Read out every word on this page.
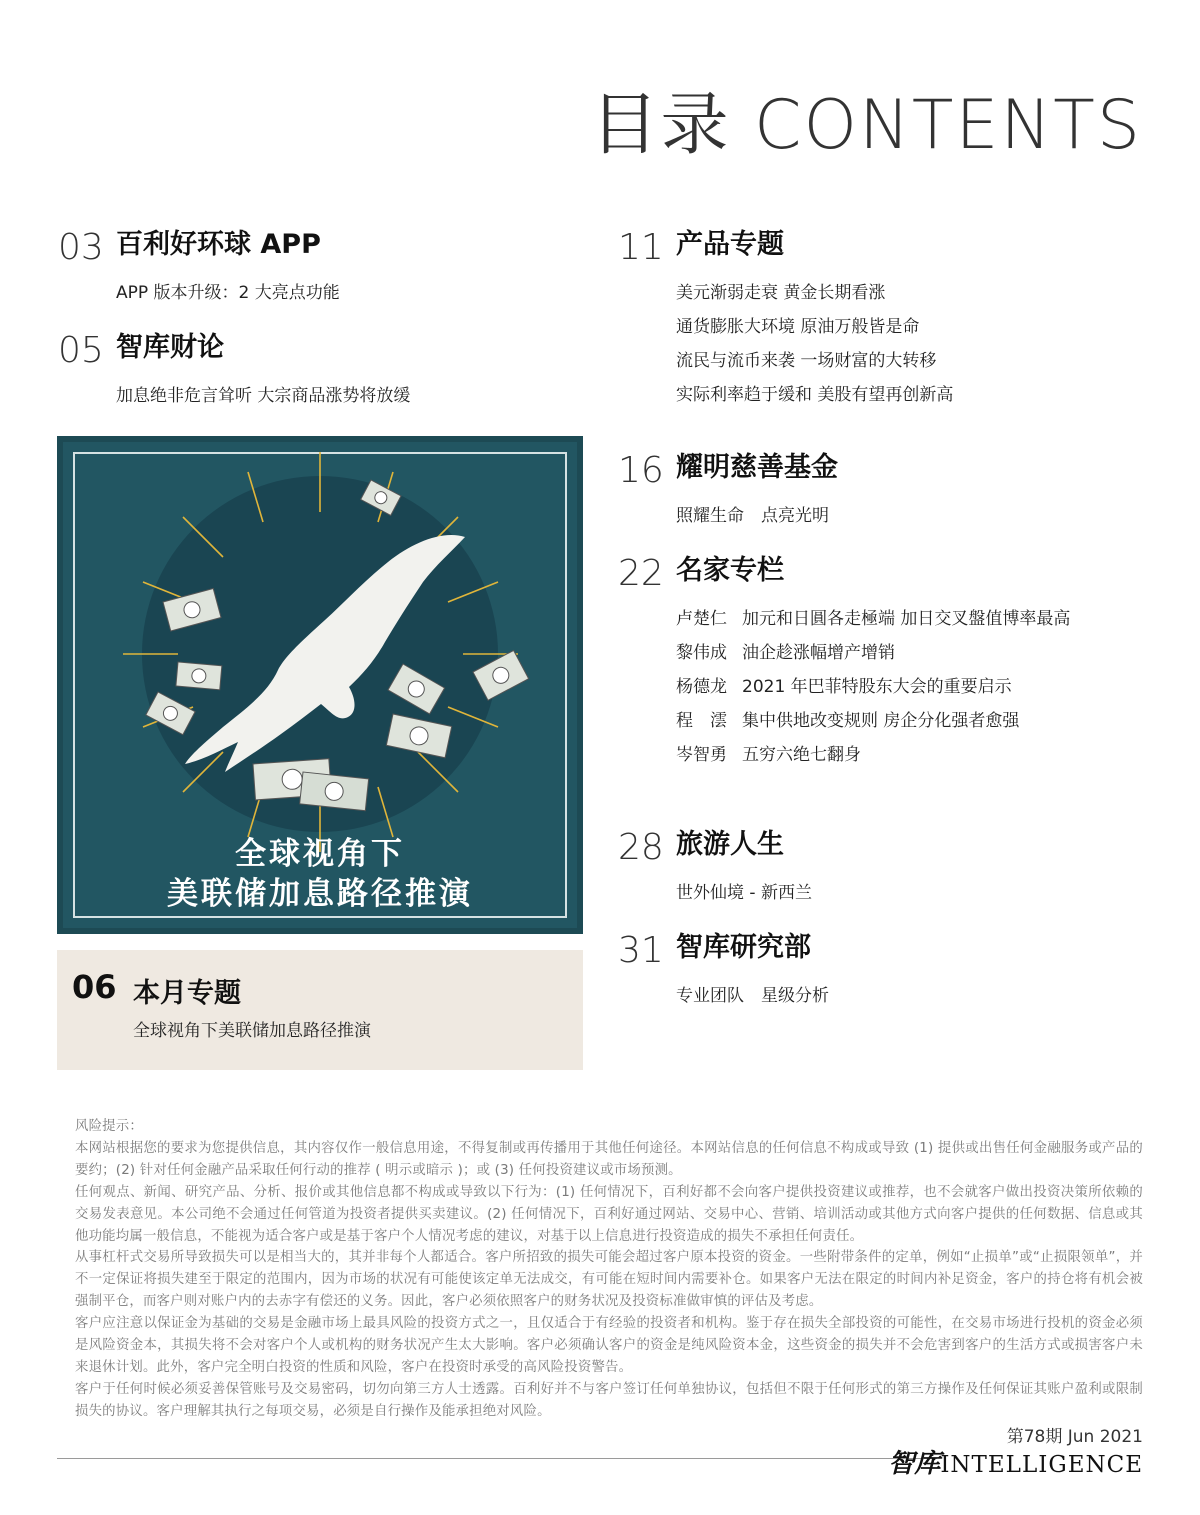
目录 CONTENTS
03 百利好环球 APP
APP 版本升级：2 大亮点功能
05 智库财论
加息绝非危言耸听 大宗商品涨势将放缓
11 产品专题
美元渐弱走衰 黄金长期看涨
通货膨胀大环境 原油万般皆是命
流民与流币来袭 一场财富的大转移
实际利率趋于缓和 美股有望再创新高
16 耀明慈善基金
照耀生命　点亮光明
22 名家专栏
卢楚仁 加元和日圓各走極端 加日交叉盤值博率最高
黎伟成 油企趁涨幅增产增销
杨德龙 2021 年巴菲特股东大会的重要启示
程　澐 集中供地改变规则 房企分化强者愈强
岑智勇 五穷六绝七翻身
28 旅游人生
世外仙境 - 新西兰
31 智库研究部
专业团队　星级分析
全球视角下
美联储加息路径推演
06 本月专题
全球视角下美联储加息路径推演

风险提示：

本网站根据您的要求为您提供信息，其内容仅作一般信息用途，不得复制或再传播用于其他任何途径。本网站信息的任何信息不构成或导致 (1) 提供或出售任何金融服务或产品的要约；(2) 针对任何金融产品采取任何行动的推荐 ( 明示或暗示 )；或 (3) 任何投资建议或市场预测。

任何观点、新闻、研究产品、分析、报价或其他信息都不构成或导致以下行为：(1) 任何情况下，百利好都不会向客户提供投资建议或推荐，也不会就客户做出投资决策所依赖的交易发表意见。本公司绝不会通过任何管道为投资者提供买卖建议。(2) 任何情况下，百利好通过网站、交易中心、营销、培训活动或其他方式向客户提供的任何数据、信息或其他功能均属一般信息，不能视为适合客户或是基于客户个人情况考虑的建议，对基于以上信息进行投资造成的损失不承担任何责任。

从事杠杆式交易所导致损失可以是相当大的，其并非每个人都适合。客户所招致的损失可能会超过客户原本投资的资金。一些附带条件的定单，例如“止损单”或“止损限领单”，并不一定保证将损失建至于限定的范围内，因为市场的状况有可能使该定单无法成交，有可能在短时间内需要补仓。如果客户无法在限定的时间内补足资金，客户的持仓将有机会被强制平仓，而客户则对账户内的去赤字有偿还的义务。因此，客户必须依照客户的财务状况及投资标准做审慎的评估及考虑。

客户应注意以保证金为基础的交易是金融市场上最具风险的投资方式之一，且仅适合于有经验的投资者和机构。鉴于存在损失全部投资的可能性，在交易市场进行投机的资金必须是风险资金本，其损失将不会对客户个人或机构的财务状况产生太大影响。客户必须确认客户的资金是纯风险资本金，这些资金的损失并不会危害到客户的生活方式或损害客户未来退休计划。此外，客户完全明白投资的性质和风险，客户在投资时承受的高风险投资警告。

客户于任何时候必须妥善保管账号及交易密码，切勿向第三方人士透露。百利好并不与客户签订任何单独协议，包括但不限于任何形式的第三方操作及任何保证其账户盈利或限制损失的协议。客户理解其执行之每项交易，必须是自行操作及能承担绝对风险。

第78期 Jun 2021
智库INTELLIGENCE
